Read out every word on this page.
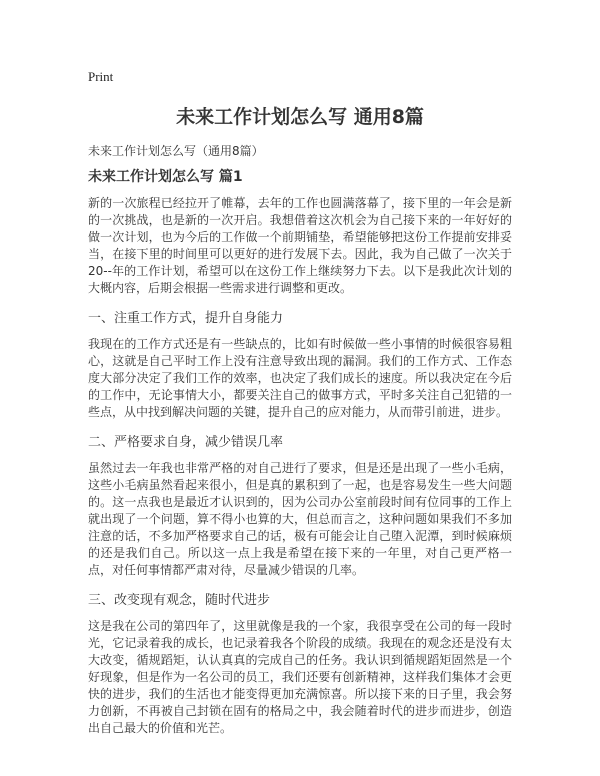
Print
未来工作计划怎么写 通用8篇

未来工作计划怎么写（通用8篇）

未来工作计划怎么写 篇1

新的一次旅程已经拉开了帷幕，去年的工作也圆满落幕了，接下里的一年会是新的一次挑战，也是新的一次开启。我想借着这次机会为自己接下来的一年好好的做一次计划，也为今后的工作做一个前期铺垫，希望能够把这份工作提前安排妥当，在接下里的时间里可以更好的进行发展下去。因此，我为自己做了一次关于20--年的工作计划，希望可以在这份工作上继续努力下去。以下是我此次计划的大概内容，后期会根据一些需求进行调整和更改。

一、注重工作方式，提升自身能力

我现在的工作方式还是有一些缺点的，比如有时候做一些小事情的时候很容易粗心，这就是自己平时工作上没有注意导致出现的漏洞。我们的工作方式、工作态度大部分决定了我们工作的效率，也决定了我们成长的速度。所以我决定在今后的工作中，无论事情大小，都要关注自己的做事方式，平时多关注自己犯错的一些点，从中找到解决问题的关键，提升自己的应对能力，从而带引前进，进步。

二、严格要求自身，减少错误几率

虽然过去一年我也非常严格的对自己进行了要求，但是还是出现了一些小毛病，这些小毛病虽然看起来很小，但是真的累积到了一起，也是容易发生一些大问题的。这一点我也是最近才认识到的，因为公司办公室前段时间有位同事的工作上就出现了一个问题，算不得小也算的大，但总而言之，这种问题如果我们不多加注意的话，不多加严格要求自己的话，极有可能会让自己堕入泥潭，到时候麻烦的还是我们自己。所以这一点上我是希望在接下来的一年里，对自己更严格一点，对任何事情都严肃对待，尽量减少错误的几率。

三、改变现有观念，随时代进步

这是我在公司的第四年了，这里就像是我的一个家，我很享受在公司的每一段时光，它记录着我的成长，也记录着我各个阶段的成绩。我现在的观念还是没有太大改变，循规蹈矩，认认真真的完成自己的任务。我认识到循规蹈矩固然是一个好现象，但是作为一名公司的员工，我们还要有创新精神，这样我们集体才会更快的进步，我们的生活也才能变得更加充满惊喜。所以接下来的日子里，我会努力创新，不再被自己封锁在固有的格局之中，我会随着时代的进步而进步，创造出自己最大的价值和光芒。
